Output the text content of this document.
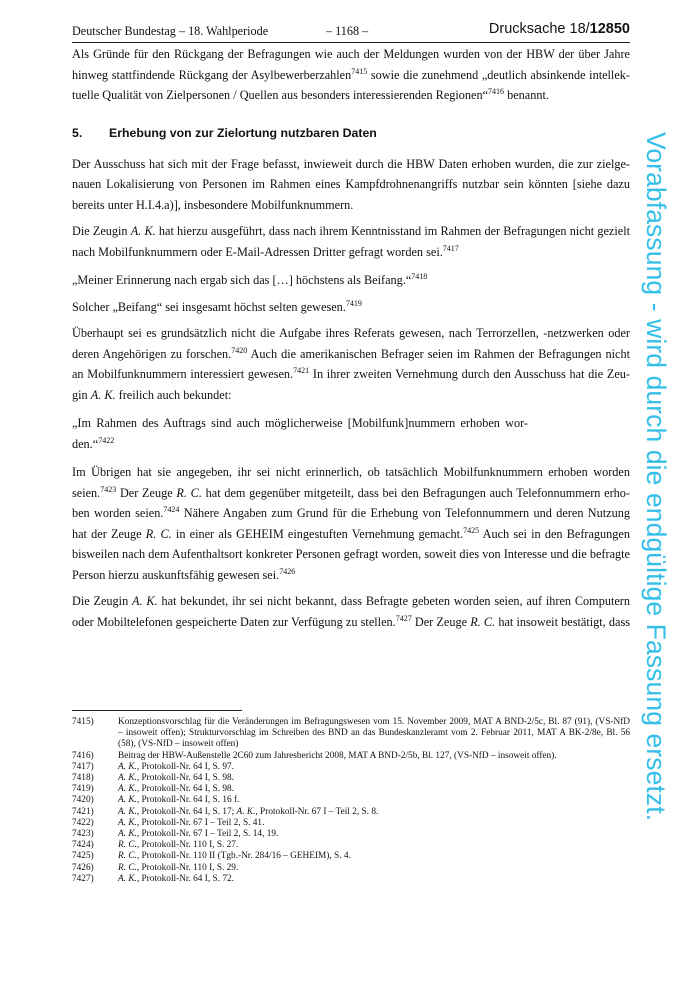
Deutscher Bundestag – 18. Wahlperiode	– 1168 –	Drucksache 18/12850

Als Gründe für den Rückgang der Befragungen wie auch der Meldungen wurden von der HBW der über Jahre
hinweg stattfindende Rückgang der Asylbewerberzahlen$^{7415}$ sowie die zunehmend „deutlich absinkende intellek-
tuelle Qualität von Zielpersonen / Quellen aus besonders interessierenden Regionen“$^{7416}$ benannt.

5. Erhebung von zur Zielortung nutzbaren Daten

Der Ausschuss hat sich mit der Frage befasst, inwieweit durch die HBW Daten erhoben wurden, die zur zielge-
nauen Lokalisierung von Personen im Rahmen eines Kampfdrohnenangriffs nutzbar sein könnten [siehe dazu
bereits unter H.I.4.a)], insbesondere Mobilfunknummern.

Die Zeugin A. K. hat hierzu ausgeführt, dass nach ihrem Kenntnisstand im Rahmen der Befragungen nicht gezielt
nach Mobilfunknummern oder E-Mail-Adressen Dritter gefragt worden sei.$^{7417}$

„Meiner Erinnerung nach ergab sich das […] höchstens als Beifang.“$^{7418}$

Solcher „Beifang“ sei insgesamt höchst selten gewesen.$^{7419}$

Überhaupt sei es grundsätzlich nicht die Aufgabe ihres Referats gewesen, nach Terrorzellen, -netzwerken oder
deren Angehörigen zu forschen.$^{7420}$ Auch die amerikanischen Befrager seien im Rahmen der Befragungen nicht
an Mobilfunknummern interessiert gewesen.$^{7421}$ In ihrer zweiten Vernehmung durch den Ausschuss hat die Zeu-
gin A. K. freilich auch bekundet:

„Im Rahmen des Auftrags sind auch möglicherweise [Mobilfunk]nummern erhoben wor-
den.“$^{7422}$

Im Übrigen hat sie angegeben, ihr sei nicht erinnerlich, ob tatsächlich Mobilfunknummern erhoben worden
seien.$^{7423}$ Der Zeuge R. C. hat dem gegenüber mitgeteilt, dass bei den Befragungen auch Telefonnummern erho-
ben worden seien.$^{7424}$ Nähere Angaben zum Grund für die Erhebung von Telefonnummern und deren Nutzung
hat der Zeuge R. C. in einer als GEHEIM eingestuften Vernehmung gemacht.$^{7425}$ Auch sei in den Befragungen
bisweilen nach dem Aufenthaltsort konkreter Personen gefragt worden, soweit dies von Interesse und die befragte
Person hierzu auskunftsfähig gewesen sei.$^{7426}$

Die Zeugin A. K. hat bekundet, ihr sei nicht bekannt, dass Befragte gebeten worden seien, auf ihren Computern
oder Mobiltelefonen gespeicherte Daten zur Verfügung zu stellen.$^{7427}$ Der Zeuge R. C. hat insoweit bestätigt, dass

7415)	Konzeptionsvorschlag für die Veränderungen im Befragungswesen vom 15. November 2009, MAT A BND-2/5c, Bl. 87 (91), (VS-NfD
– insoweit offen); Strukturvorschlag im Schreiben des BND an das Bundeskanzleramt vom 2. Februar 2011, MAT A BK-2/8e, Bl. 56
(58), (VS-NfD – insoweit offen)
7416)	Beitrag der HBW-Außenstelle 2C60 zum Jahresbericht 2008, MAT A BND-2/5b, Bl. 127, (VS-NfD – insoweit offen).
7417)	A. K., Protokoll-Nr. 64 I, S. 97.
7418)	A. K., Protokoll-Nr. 64 I, S. 98.
7419)	A. K., Protokoll-Nr. 64 I, S. 98.
7420)	A. K., Protokoll-Nr. 64 I, S. 16 f.
7421)	A. K., Protokoll-Nr. 64 I, S. 17; A. K., Protokoll-Nr. 67 I – Teil 2, S. 8.
7422)	A. K., Protokoll-Nr. 67 I – Teil 2, S. 41.
7423)	A. K., Protokoll-Nr. 67 I – Teil 2, S. 14, 19.
7424)	R. C., Protokoll-Nr. 110 I, S. 27.
7425)	R. C., Protokoll-Nr. 110 II (Tgb.-Nr. 284/16 – GEHEIM), S. 4.
7426)	R. C., Protokoll-Nr. 110 I, S. 29.
7427)	A. K., Protokoll-Nr. 64 I, S. 72.
Vorabfassung - wird durch die endgültige Fassung ersetzt.
